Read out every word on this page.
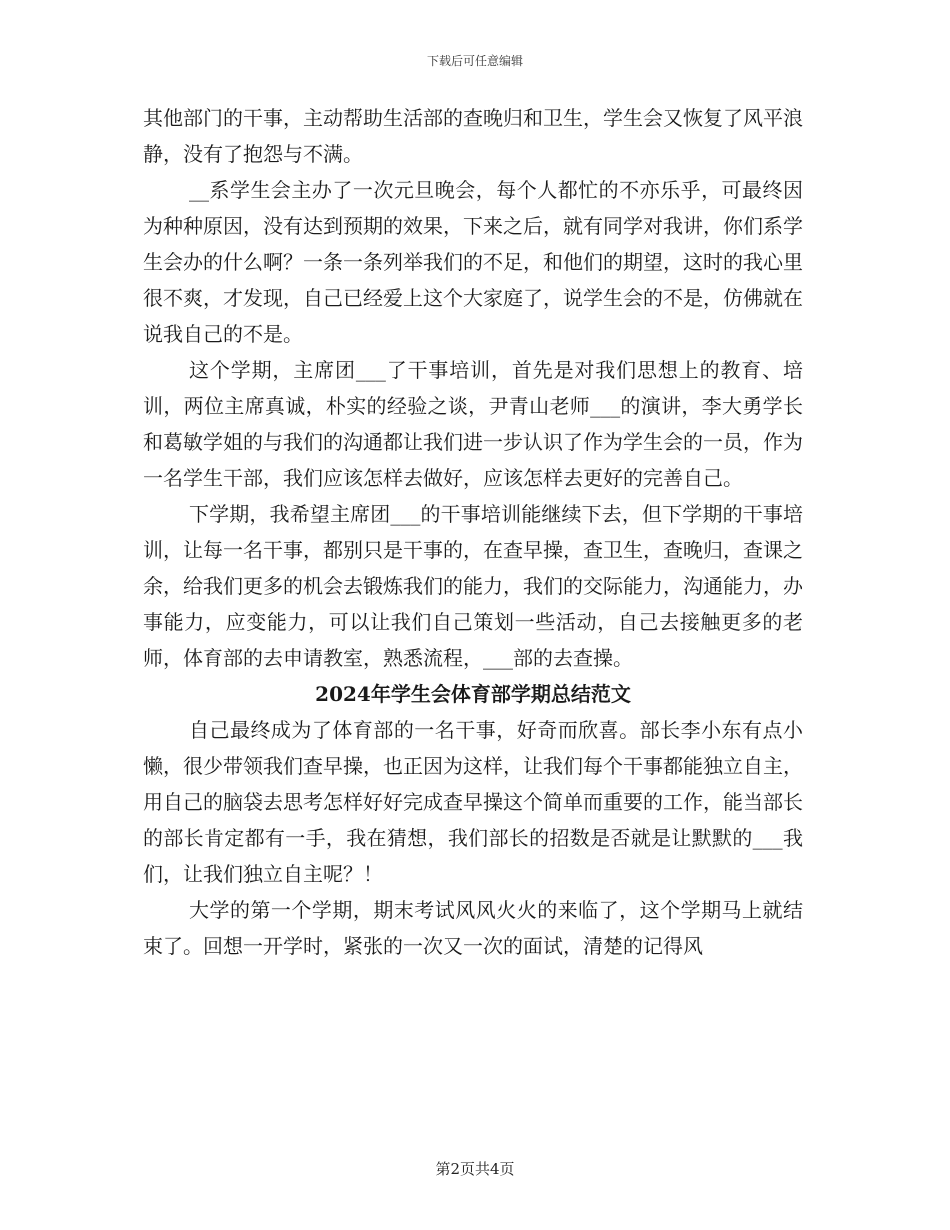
下载后可任意编辑

其他部门的干事，主动帮助生活部的查晚归和卫生，学生会又恢复了风平浪静，没有了抱怨与不满。

__系学生会主办了一次元旦晚会，每个人都忙的不亦乐乎，可最终因为种种原因，没有达到预期的效果，下来之后，就有同学对我讲，你们系学生会办的什么啊？一条一条列举我们的不足，和他们的期望，这时的我心里很不爽，才发现，自己已经爱上这个大家庭了，说学生会的不是，仿佛就在说我自己的不是。

这个学期，主席团___了干事培训，首先是对我们思想上的教育、培训，两位主席真诚，朴实的经验之谈，尹青山老师___的演讲，李大勇学长和葛敏学姐的与我们的沟通都让我们进一步认识了作为学生会的一员，作为一名学生干部，我们应该怎样去做好，应该怎样去更好的完善自己。

下学期，我希望主席团___的干事培训能继续下去，但下学期的干事培训，让每一名干事，都别只是干事的，在查早操，查卫生，查晚归，查课之余，给我们更多的机会去锻炼我们的能力，我们的交际能力，沟通能力，办事能力，应变能力，可以让我们自己策划一些活动，自己去接触更多的老师，体育部的去申请教室，熟悉流程，___部的去查操。

2024年学生会体育部学期总结范文

自己最终成为了体育部的一名干事，好奇而欣喜。部长李小东有点小懒，很少带领我们查早操，也正因为这样，让我们每个干事都能独立自主，用自己的脑袋去思考怎样好好完成查早操这个简单而重要的工作，能当部长的部长肯定都有一手，我在猜想，我们部长的招数是否就是让默默的___我们，让我们独立自主呢？！

大学的第一个学期，期末考试风风火火的来临了，这个学期马上就结束了。回想一开学时，紧张的一次又一次的面试，清楚的记得风

第2页共4页
